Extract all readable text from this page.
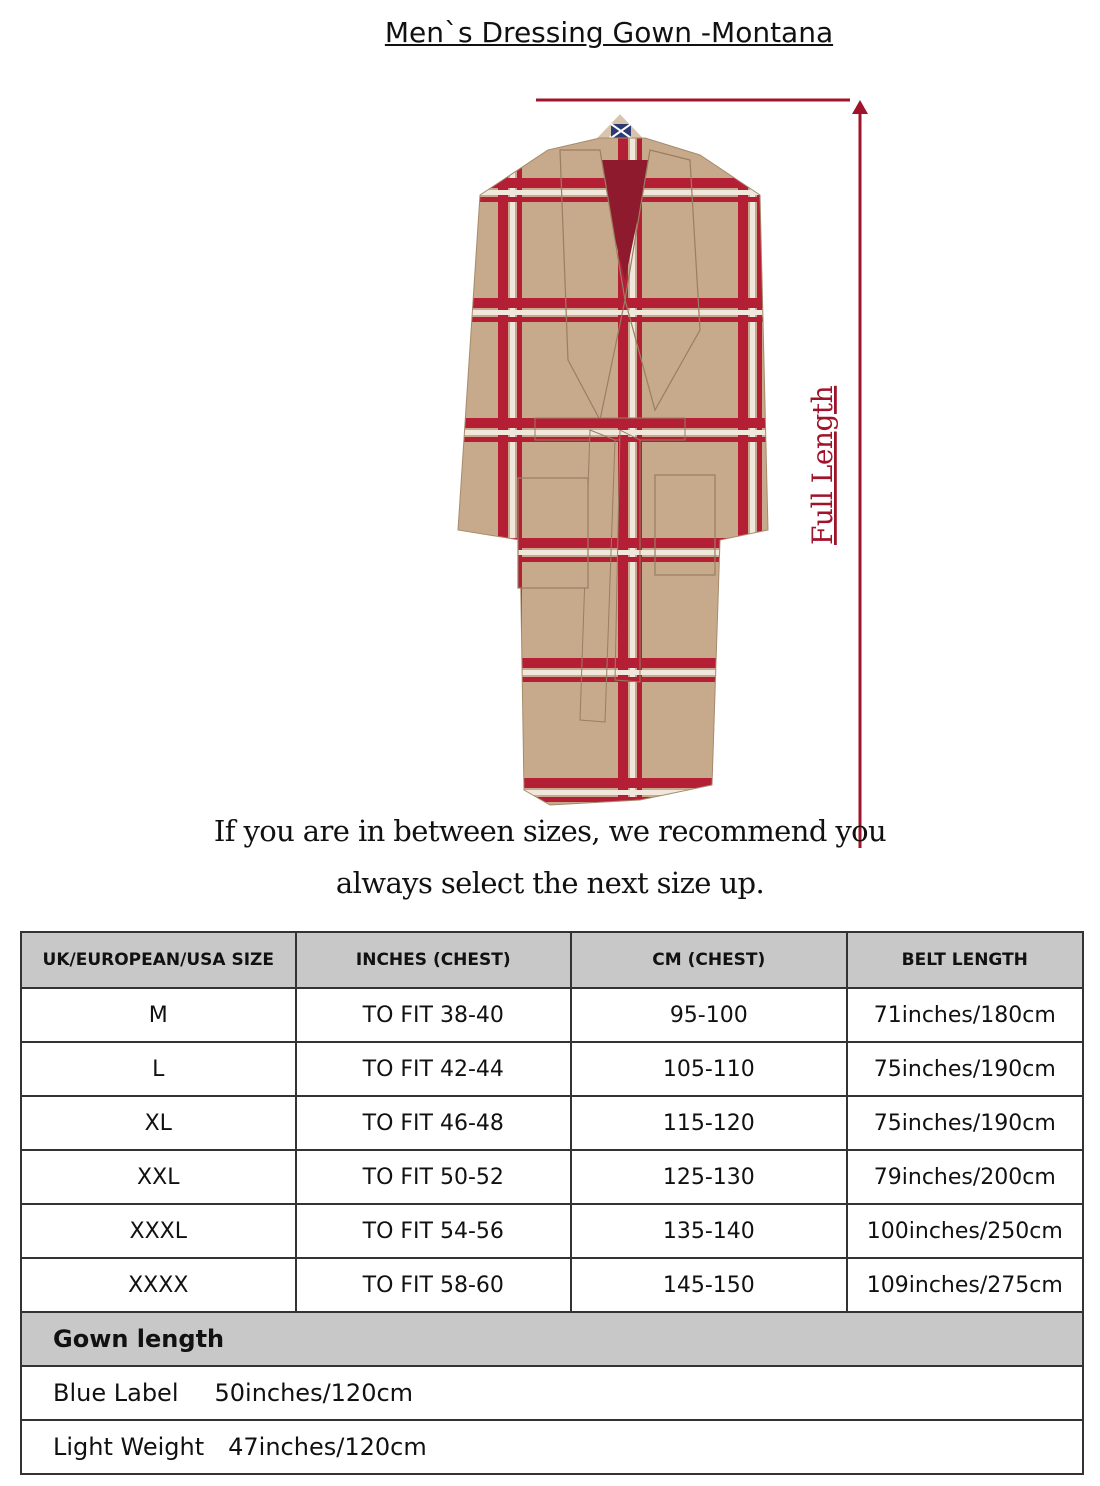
Men`s Dressing Gown -Montana
Full Length
If you are in between sizes, we recommend you
always select the next size up.
UK/EUROPEAN/USA SIZE	INCHES (CHEST)	CM (CHEST)	BELT LENGTH
M	TO FIT 38-40	95-100	71inches/180cm
L	TO FIT 42-44	105-110	75inches/190cm
XL	TO FIT 46-48	115-120	75inches/190cm
XXL	TO FIT 50-52	125-130	79inches/200cm
XXXL	TO FIT 54-56	135-140	100inches/250cm
XXXX	TO FIT 58-60	145-150	109inches/275cm
Gown length			
Blue Label 50inches/120cm			
Light Weight 47inches/120cm			
